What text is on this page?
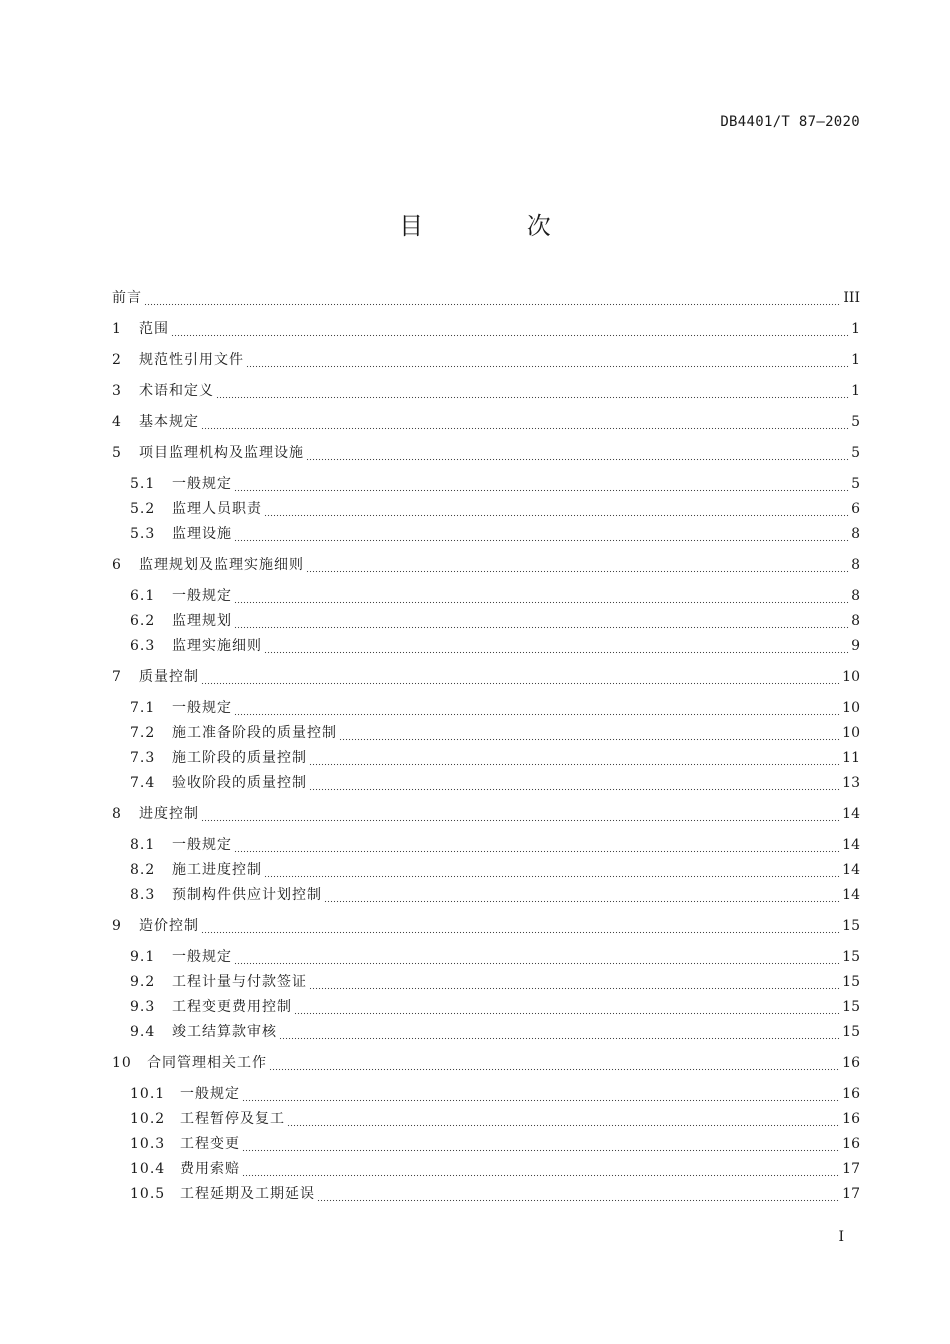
DB4401/T 87—2020
目 次
前言	III
1	范围	1
2	规范性引用文件	1
3	术语和定义	1
4	基本规定	5
5	项目监理机构及监理设施	5
5.1	一般规定	5
5.2	监理人员职责	6
5.3	监理设施	8
6	监理规划及监理实施细则	8
6.1	一般规定	8
6.2	监理规划	8
6.3	监理实施细则	9
7	质量控制	10
7.1	一般规定	10
7.2	施工准备阶段的质量控制	10
7.3	施工阶段的质量控制	11
7.4	验收阶段的质量控制	13
8	进度控制	14
8.1	一般规定	14
8.2	施工进度控制	14
8.3	预制构件供应计划控制	14
9	造价控制	15
9.1	一般规定	15
9.2	工程计量与付款签证	15
9.3	工程变更费用控制	15
9.4	竣工结算款审核	15
10	合同管理相关工作	16
10.1	一般规定	16
10.2	工程暂停及复工	16
10.3	工程变更	16
10.4	费用索赔	17
10.5	工程延期及工期延误	17
I
